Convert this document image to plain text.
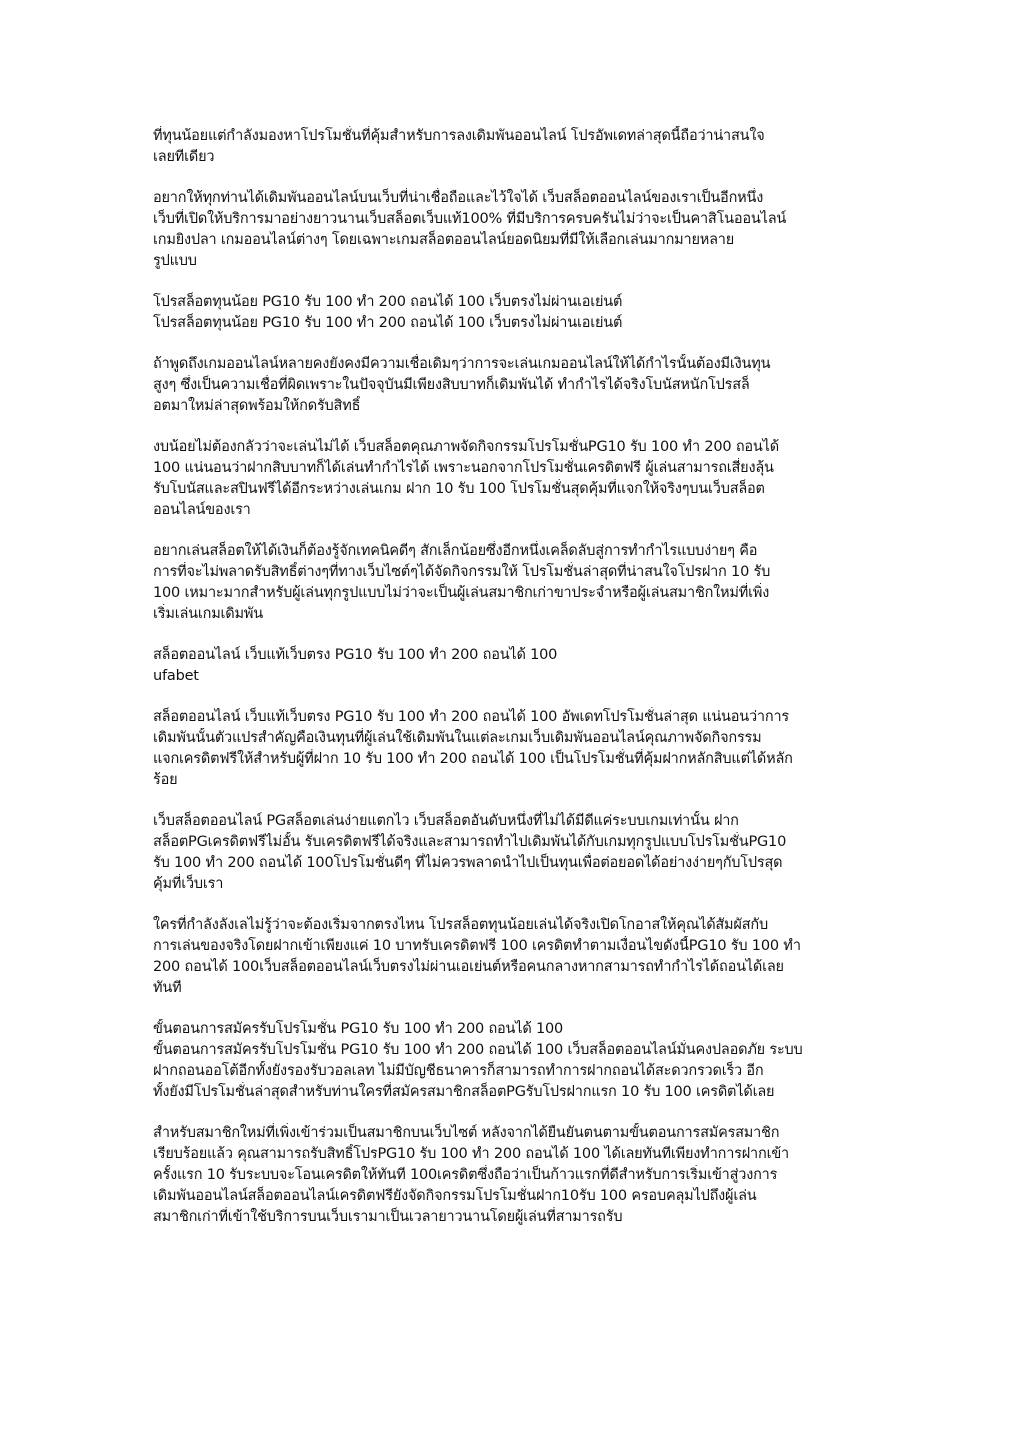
ที่ทุนน้อยแต่กำลังมองหาโปรโมชั่นที่คุ้มสำหรับการลงเดิมพันออนไลน์ โปรอัพเดทล่าสุดนี้ถือว่าน่าสนใจ
เลยทีเดียว

อยากให้ทุกท่านได้เดิมพันออนไลน์บนเว็บที่น่าเชื่อถือและไว้ใจได้ เว็บสล็อตออนไลน์ของเราเป็นอีกหนึ่ง
เว็บที่เปิดให้บริการมาอย่างยาวนานเว็บสล็อตเว็บแท้100% ที่มีบริการครบครันไม่ว่าจะเป็นคาสิโนออนไลน์
เกมยิงปลา เกมออนไลน์ต่างๆ โดยเฉพาะเกมสล็อตออนไลน์ยอดนิยมที่มีให้เลือกเล่นมากมายหลาย
รูปแบบ

โปรสล็อตทุนน้อย PG10 รับ 100 ทำ 200 ถอนได้ 100 เว็บตรงไม่ผ่านเอเย่นต์
โปรสล็อตทุนน้อย PG10 รับ 100 ทำ 200 ถอนได้ 100 เว็บตรงไม่ผ่านเอเย่นต์

ถ้าพูดถึงเกมออนไลน์หลายคงยังคงมีความเชื่อเดิมๆว่าการจะเล่นเกมออนไลน์ให้ได้กำไรนั้นต้องมีเงินทุน
สูงๆ ซึ่งเป็นความเชื่อที่ผิดเพราะในปัจจุบันมีเพียงสิบบาทก็เดิมพันได้ ทำกำไรได้จริงโบนัสหนักโปรสล็
อตมาใหม่ล่าสุดพร้อมให้กดรับสิทธิ์

งบน้อยไม่ต้องกลัวว่าจะเล่นไม่ได้ เว็บสล็อตคุณภาพจัดกิจกรรมโปรโมชั่นPG10 รับ 100 ทำ 200 ถอนได้
100 แน่นอนว่าฝากสิบบาทก็ได้เล่นทำกำไรได้ เพราะนอกจากโปรโมชั่นเครดิตฟรี ผู้เล่นสามารถเสี่ยงลุ้น
รับโบนัสและสปินฟรีได้อีกระหว่างเล่นเกม ฝาก 10 รับ 100 โปรโมชั่นสุดคุ้มที่แจกให้จริงๆบนเว็บสล็อต
ออนไลน์ของเรา

อยากเล่นสล็อตให้ได้เงินก็ต้องรู้จักเทคนิคดีๆ สักเล็กน้อยซึ่งอีกหนึ่งเคล็ดลับสู่การทำกำไรแบบง่ายๆ คือ
การที่จะไม่พลาดรับสิทธิ์ต่างๆที่ทางเว็บไซต์ๆได้จัดกิจกรรมให้ โปรโมชั่นล่าสุดที่น่าสนใจโปรฝาก 10 รับ
100 เหมาะมากสำหรับผู้เล่นทุกรูปแบบไม่ว่าจะเป็นผู้เล่นสมาชิกเก่าขาประจำหรือผู้เล่นสมาชิกใหม่ที่เพิ่ง
เริ่มเล่นเกมเดิมพัน

สล็อตออนไลน์ เว็บแท้เว็บตรง PG10 รับ 100 ทำ 200 ถอนได้ 100
ufabet

สล็อตออนไลน์ เว็บแท้เว็บตรง PG10 รับ 100 ทำ 200 ถอนได้ 100 อัพเดทโปรโมชั่นล่าสุด แน่นอนว่าการ
เดิมพันนั้นตัวแปรสำคัญคือเงินทุนที่ผู้เล่นใช้เดิมพันในแต่ละเกมเว็บเดิมพันออนไลน์คุณภาพจัดกิจกรรม
แจกเครดิตฟรีให้สำหรับผู้ที่ฝาก 10 รับ 100 ทำ 200 ถอนได้ 100 เป็นโปรโมชั่นที่คุ้มฝากหลักสิบแต่ได้หลัก
ร้อย

เว็บสล็อตออนไลน์ PGสล็อตเล่นง่ายแตกไว เว็บสล็อตอันดับหนึ่งที่ไม่ได้มีดีแค่ระบบเกมเท่านั้น ฝาก
สล็อตPGเครดิตฟรีไม่อั้น รับเครดิตฟรีได้จริงและสามารถทำไปเดิมพันได้กับเกมทุกรูปแบบโปรโมชั่นPG10
รับ 100 ทำ 200 ถอนได้ 100โปรโมชั่นดีๆ ที่ไม่ควรพลาดนำไปเป็นทุนเพื่อต่อยอดได้อย่างง่ายๆกับโปรสุด
คุ้มที่เว็บเรา

ใครที่กำลังลังเลไม่รู้ว่าจะต้องเริ่มจากตรงไหน โปรสล็อตทุนน้อยเล่นได้จริงเปิดโกอาสให้คุณได้สัมผัสกับ
การเล่นของจริงโดยฝากเข้าเพียงแค่ 10 บาทรับเครดิตฟรี 100 เครดิตทำตามเงื่อนไขดังนี้PG10 รับ 100 ทำ
200 ถอนได้ 100เว็บสล็อตออนไลน์เว็บตรงไม่ผ่านเอเย่นต์หรือคนกลางหากสามารถทำกำไรได้ถอนได้เลย
ทันที

ขั้นตอนการสมัครรับโปรโมชั่น PG10 รับ 100 ทำ 200 ถอนได้ 100
ขั้นตอนการสมัครรับโปรโมชั่น PG10 รับ 100 ทำ 200 ถอนได้ 100 เว็บสล็อตออนไลน์มั่นคงปลอดภัย ระบบ
ฝากถอนออโต้อีกทั้งยังรองรับวอลเลท ไม่มีบัญชีธนาคารก็สามารถทำการฝากถอนได้สะดวกรวดเร็ว อีก
ทั้งยังมีโปรโมชั่นล่าสุดสำหรับท่านใครที่สมัครสมาชิกสล็อตPGรับโปรฝากแรก 10 รับ 100 เครดิตได้เลย

สำหรับสมาชิกใหม่ที่เพิ่งเข้าร่วมเป็นสมาชิกบนเว็บไซต์ หลังจากได้ยืนยันตนตามขั้นตอนการสมัครสมาชิก
เรียบร้อยแล้ว คุณสามารถรับสิทธิ์โปรPG10 รับ 100 ทำ 200 ถอนได้ 100 ได้เลยทันทีเพียงทำการฝากเข้า
ครั้งแรก 10 รับระบบจะโอนเครดิตให้ทันที 100เครดิตซึ่งถือว่าเป็นก้าวแรกที่ดีสำหรับการเริ่มเข้าสู่วงการ
เดิมพันออนไลน์สล็อตออนไลน์เครดิตฟรียังจัดกิจกรรมโปรโมชั่นฝาก10รับ 100 ครอบคลุมไปถึงผู้เล่น
สมาชิกเก่าที่เข้าใช้บริการบนเว็บเรามาเป็นเวลายาวนานโดยผู้เล่นที่สามารถรับ
